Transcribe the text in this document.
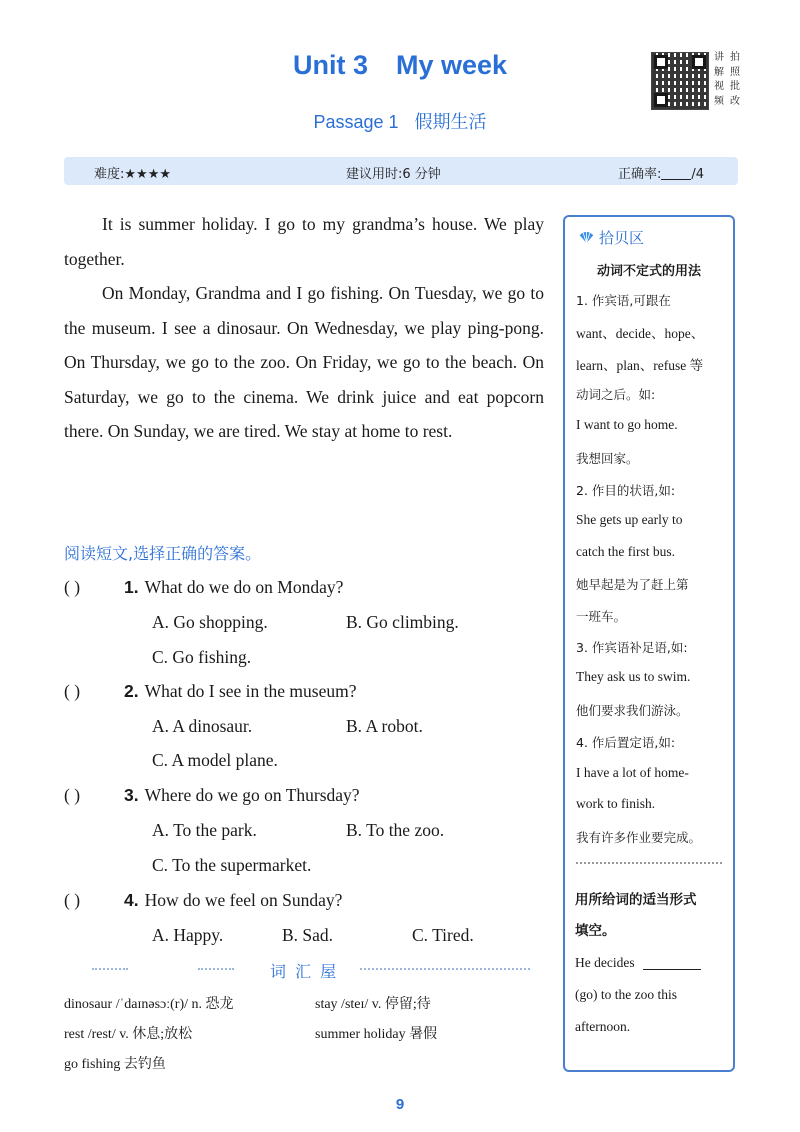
Unit 3 My week
Passage 1 假期生活
讲 拍
解 照
视 批
频 改
难度:★★★★	建议用时:6 分钟	正确率: /4

It is summer holiday. I go to my grandma’s house. We play together.

On Monday, Grandma and I go fishing. On Tuesday, we go to the museum. I see a dinosaur. On Wednesday, we play ping-pong. On Thursday, we go to the zoo. On Friday, we go to the beach. On Saturday, we go to the cinema. We drink juice and eat popcorn there. On Sunday, we are tired. We stay at home to rest.

阅读短文,选择正确的答案。
( )	1. What do we do on Monday?
A. Go shopping.	B. Go climbing.
C. Go fishing.
( )	2. What do I see in the museum?
A. A dinosaur.	B. A robot.
C. A model plane.
( )	3. Where do we go on Thursday?
A. To the park.	B. To the zoo.
C. To the supermarket.
( )	4. How do we feel on Sunday?
A. Happy.	B. Sad.	C. Tired.
词 汇 屋
dinosaur /ˈdaɪnəsɔː(r)/ n. 恐龙	stay /steɪ/ v. 停留;待
rest /rest/ v. 休息;放松	summer holiday 暑假
go fishing 去钓鱼
拾贝区
动词不定式的用法
1. 作宾语,可跟在
want、decide、hope、
learn、plan、refuse 等
动词之后。如:
I want to go home.
我想回家。
2. 作目的状语,如:
She gets up early to
catch the first bus.
她早起是为了赶上第
一班车。
3. 作宾语补足语,如:
They ask us to swim.
他们要求我们游泳。
4. 作后置定语,如:
I have a lot of home-
work to finish.
我有许多作业要完成。
用所给词的适当形式
填空。
He decides
(go) to the zoo this
afternoon.
9
